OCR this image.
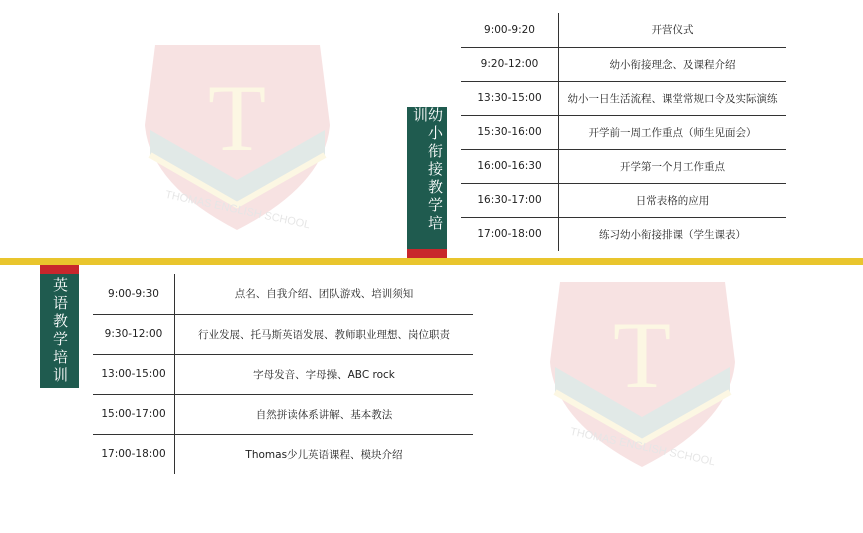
T
THOMAS ENGLISH SCHOOL
T
THOMAS ENGLISH SCHOOL
幼小衔接教学培训
9:00-9:20	开营仪式
9:20-12:00	幼小衔接理念、及课程介绍
13:30-15:00	幼小一日生活流程、课堂常规口令及实际演练
15:30-16:00	开学前一周工作重点（师生见面会）
16:00-16:30	开学第一个月工作重点
16:30-17:00	日常表格的应用
17:00-18:00	练习幼小衔接排课（学生课表）
英语教学培训	9:00-9:30	点名、自我介绍、团队游戏、培训须知
9:30-12:00	行业发展、托马斯英语发展、教师职业理想、岗位职责
13:00-15:00	字母发音、字母操、ABC rock
15:00-17:00	自然拼读体系讲解、基本教法
17:00-18:00	Thomas少儿英语课程、模块介绍
